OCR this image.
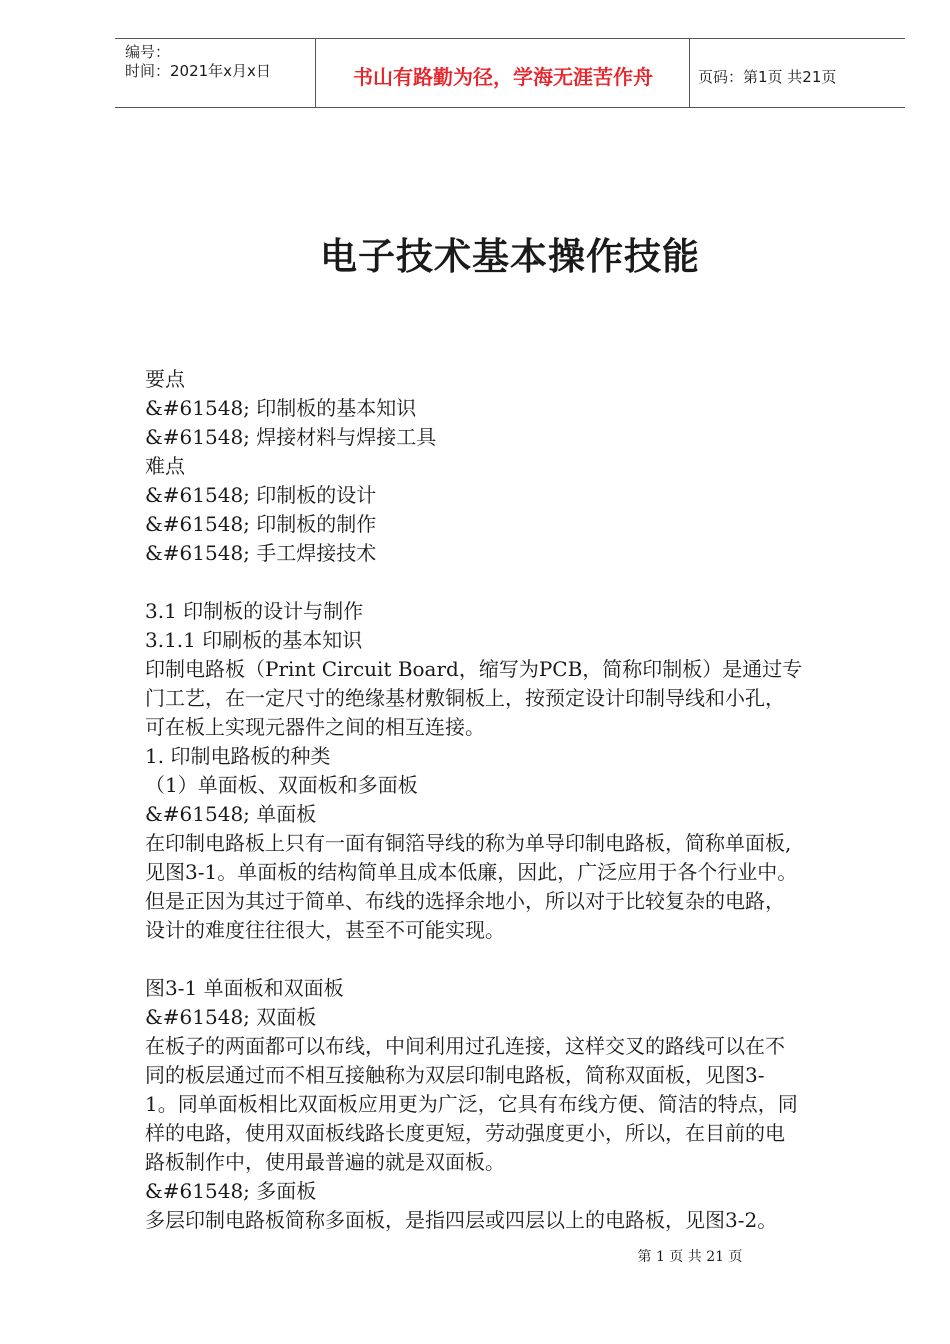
编号：
时间：2021年x月x日	书山有路勤为径，学海无涯苦作舟	页码：第1页 共21页
电子技术基本操作技能
要点
&#61548; 印制板的基本知识
&#61548; 焊接材料与焊接工具
难点
&#61548; 印制板的设计
&#61548; 印制板的制作
&#61548; 手工焊接技术
3.1 印制板的设计与制作
3.1.1 印刷板的基本知识
印制电路板（Print Circuit Board，缩写为PCB，简称印制板）是通过专
门工艺，在一定尺寸的绝缘基材敷铜板上，按预定设计印制导线和小孔，
可在板上实现元器件之间的相互连接。
1. 印制电路板的种类
（1）单面板、双面板和多面板
&#61548; 单面板
在印制电路板上只有一面有铜箔导线的称为单导印制电路板，简称单面板,
见图3-1。单面板的结构简单且成本低廉，因此，广泛应用于各个行业中。
但是正因为其过于简单、布线的选择余地小，所以对于比较复杂的电路，
设计的难度往往很大，甚至不可能实现。
图3-1 单面板和双面板
&#61548; 双面板
在板子的两面都可以布线，中间利用过孔连接，这样交叉的路线可以在不
同的板层通过而不相互接触称为双层印制电路板，简称双面板，见图3-
1。同单面板相比双面板应用更为广泛，它具有布线方便、简洁的特点，同
样的电路，使用双面板线路长度更短，劳动强度更小，所以，在目前的电
路板制作中，使用最普遍的就是双面板。
&#61548; 多面板
多层印制电路板简称多面板，是指四层或四层以上的电路板，见图3-2。
第 1 页 共 21 页
